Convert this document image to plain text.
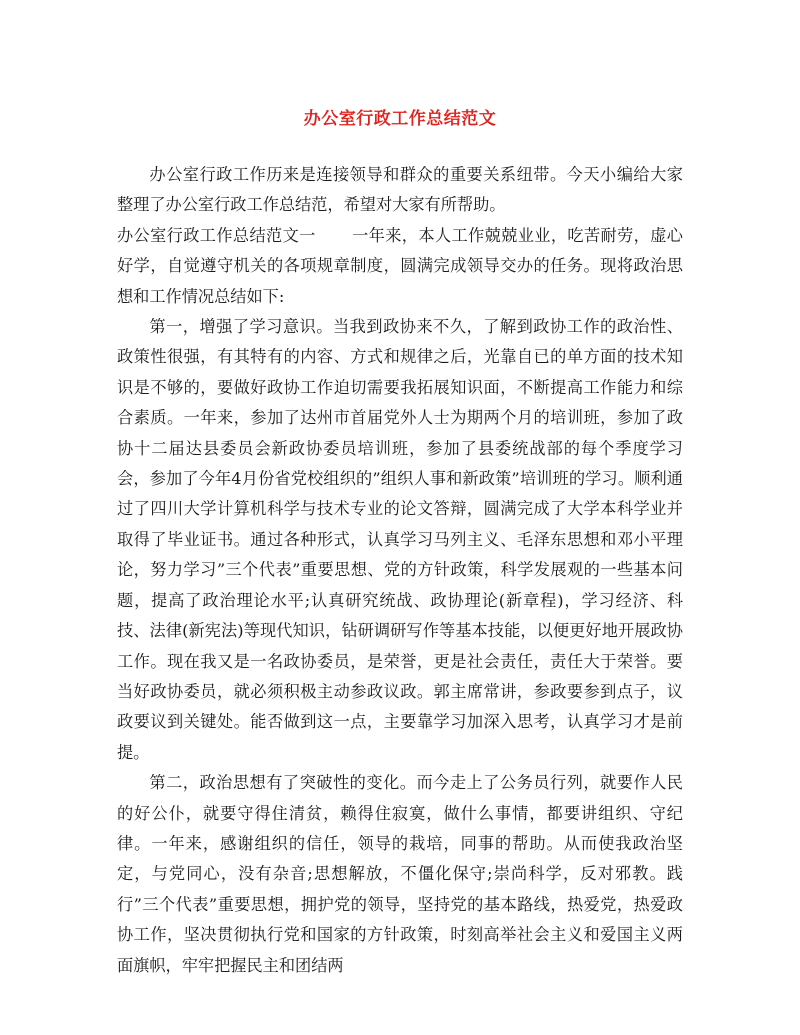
办公室行政工作总结范文

办公室行政工作历来是连接领导和群众的重要关系纽带。今天小编给大家整理了办公室行政工作总结范，希望对大家有所帮助。

办公室行政工作总结范文一 一年来，本人工作兢兢业业，吃苦耐劳，虚心好学，自觉遵守机关的各项规章制度，圆满完成领导交办的任务。现将政治思想和工作情况总结如下:

第一，增强了学习意识。当我到政协来不久，了解到政协工作的政治性、政策性很强，有其特有的内容、方式和规律之后，光靠自已的单方面的技术知识是不够的，要做好政协工作迫切需要我拓展知识面，不断提高工作能力和综合素质。一年来，参加了达州市首届党外人士为期两个月的培训班，参加了政协十二届达县委员会新政协委员培训班，参加了县委统战部的每个季度学习会，参加了今年4月份省党校组织的”组织人事和新政策”培训班的学习。顺利通过了四川大学计算机科学与技术专业的论文答辩，圆满完成了大学本科学业并取得了毕业证书。通过各种形式，认真学习马列主义、毛泽东思想和邓小平理论，努力学习”三个代表”重要思想、党的方针政策，科学发展观的一些基本问题，提高了政治理论水平;认真研究统战、政协理论(新章程)，学习经济、科技、法律(新宪法)等现代知识，钻研调研写作等基本技能，以便更好地开展政协工作。现在我又是一名政协委员，是荣誉，更是社会责任，责任大于荣誉。要当好政协委员，就必须积极主动参政议政。郭主席常讲，参政要参到点子，议政要议到关键处。能否做到这一点，主要靠学习加深入思考，认真学习才是前提。

第二，政治思想有了突破性的变化。而今走上了公务员行列，就要作人民的好公仆，就要守得住清贫，赖得住寂寞，做什么事情，都要讲组织、守纪律。一年来，感谢组织的信任，领导的栽培，同事的帮助。从而使我政治坚定，与党同心，没有杂音;思想解放，不僵化保守;崇尚科学，反对邪教。践行”三个代表”重要思想，拥护党的领导，坚持党的基本路线，热爱党，热爱政协工作，坚决贯彻执行党和国家的方针政策，时刻高举社会主义和爱国主义两面旗帜，牢牢把握民主和团结两
